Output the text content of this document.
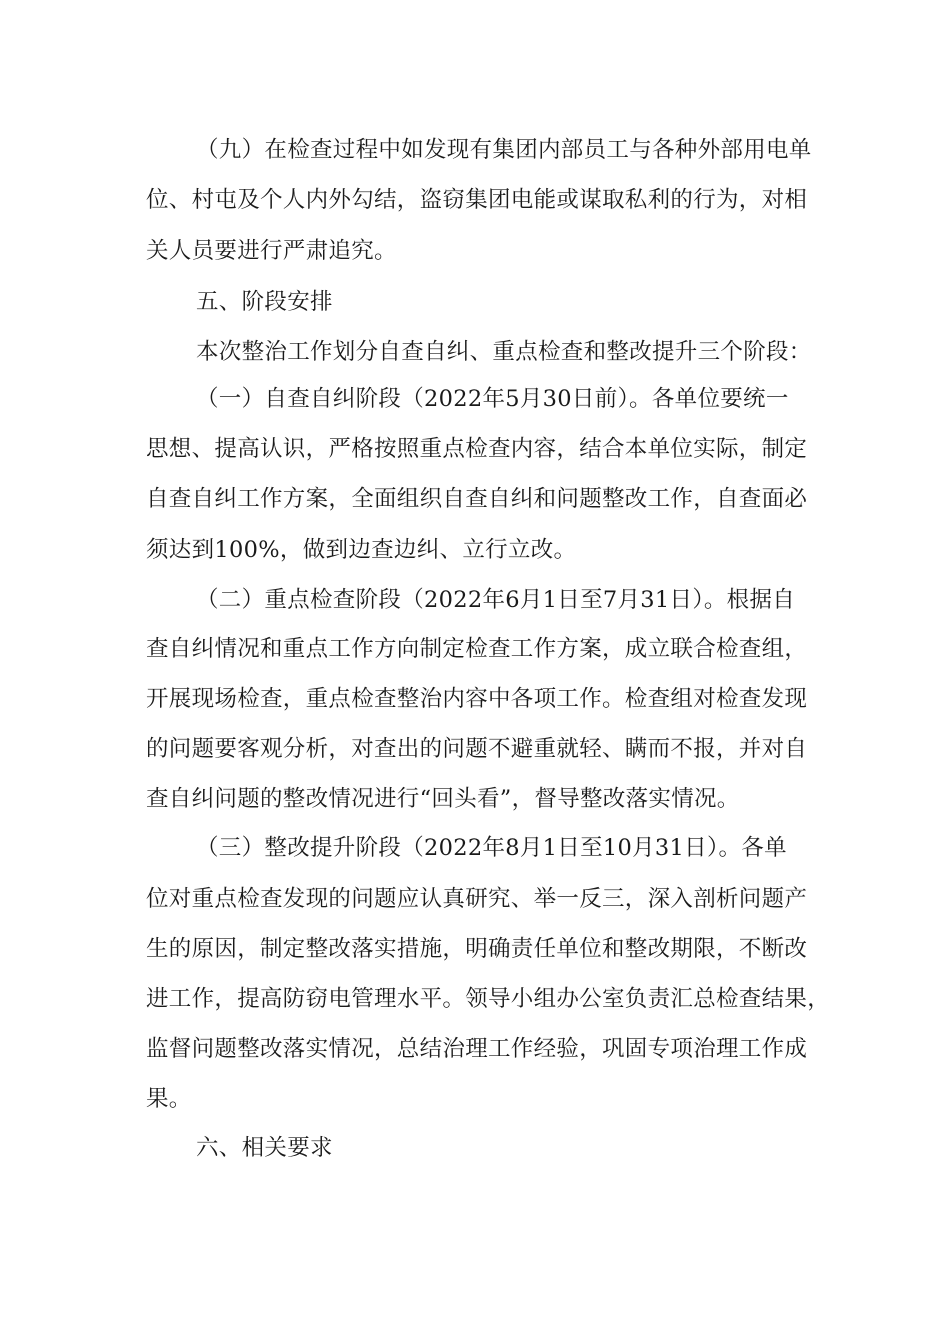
（九）在检查过程中如发现有集团内部员工与各种外部用电单
位、村屯及个人内外勾结，盗窃集团电能或谋取私利的行为，对相
关人员要进行严肃追究。
五、阶段安排
本次整治工作划分自查自纠、重点检查和整改提升三个阶段：
（一）自查自纠阶段（2022年5月30日前）。各单位要统一
思想、提高认识，严格按照重点检查内容，结合本单位实际，制定
自查自纠工作方案，全面组织自查自纠和问题整改工作，自查面必
须达到100%，做到边查边纠、立行立改。
（二）重点检查阶段（2022年6月1日至7月31日）。根据自
查自纠情况和重点工作方向制定检查工作方案，成立联合检查组，
开展现场检查，重点检查整治内容中各项工作。检查组对检查发现
的问题要客观分析，对查出的问题不避重就轻、瞒而不报，并对自
查自纠问题的整改情况进行“回头看”，督导整改落实情况。
（三）整改提升阶段（2022年8月1日至10月31日）。各单
位对重点检查发现的问题应认真研究、举一反三，深入剖析问题产
生的原因，制定整改落实措施，明确责任单位和整改期限，不断改
进工作，提高防窃电管理水平。领导小组办公室负责汇总检查结果，
监督问题整改落实情况，总结治理工作经验，巩固专项治理工作成
果。
六、相关要求
